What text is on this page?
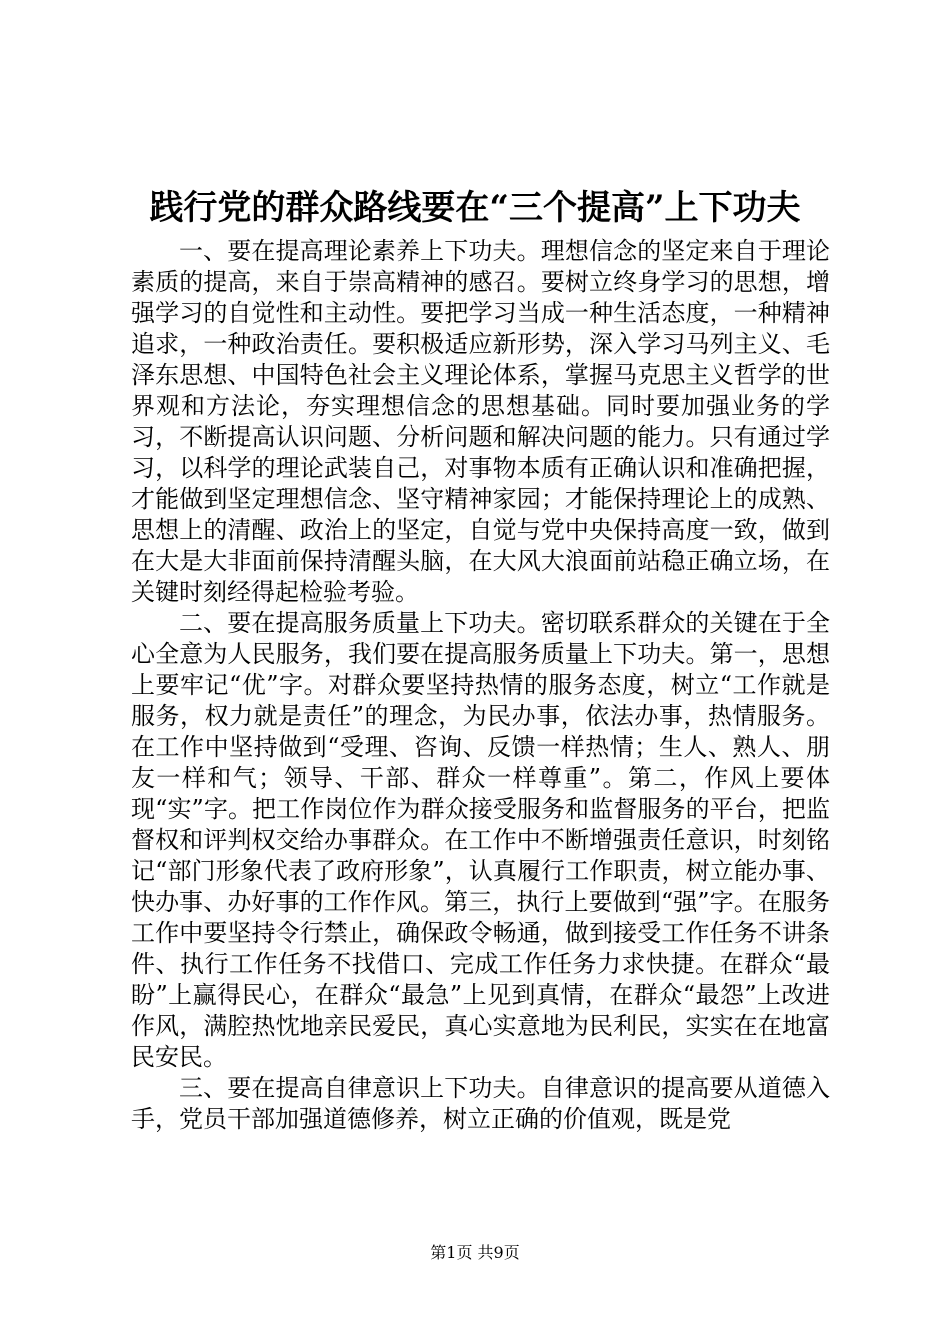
践行党的群众路线要在“三个提高”上下功夫

一、要在提高理论素养上下功夫。理想信念的坚定来自于理论素质的提高，来自于崇高精神的感召。要树立终身学习的思想，增强学习的自觉性和主动性。要把学习当成一种生活态度，一种精神追求，一种政治责任。要积极适应新形势，深入学习马列主义、毛泽东思想、中国特色社会主义理论体系，掌握马克思主义哲学的世界观和方法论，夯实理想信念的思想基础。同时要加强业务的学习，不断提高认识问题、分析问题和解决问题的能力。只有通过学习，以科学的理论武装自己，对事物本质有正确认识和准确把握，才能做到坚定理想信念、坚守精神家园；才能保持理论上的成熟、思想上的清醒、政治上的坚定，自觉与党中央保持高度一致，做到在大是大非面前保持清醒头脑，在大风大浪面前站稳正确立场，在关键时刻经得起检验考验。

二、要在提高服务质量上下功夫。密切联系群众的关键在于全心全意为人民服务，我们要在提高服务质量上下功夫。第一，思想上要牢记“优”字。对群众要坚持热情的服务态度，树立“工作就是服务，权力就是责任”的理念，为民办事，依法办事，热情服务。在工作中坚持做到“受理、咨询、反馈一样热情；生人、熟人、朋友一样和气；领导、干部、群众一样尊重”。第二，作风上要体现“实”字。把工作岗位作为群众接受服务和监督服务的平台，把监督权和评判权交给办事群众。在工作中不断增强责任意识，时刻铭记“部门形象代表了政府形象”，认真履行工作职责，树立能办事、快办事、办好事的工作作风。第三，执行上要做到“强”字。在服务工作中要坚持令行禁止，确保政令畅通，做到接受工作任务不讲条件、执行工作任务不找借口、完成工作任务力求快捷。在群众“最盼”上赢得民心，在群众“最急”上见到真情，在群众“最怨”上改进作风，满腔热忱地亲民爱民，真心实意地为民利民，实实在在地富民安民。

三、要在提高自律意识上下功夫。自律意识的提高要从道德入手，党员干部加强道德修养，树立正确的价值观，既是党

第1页 共9页
